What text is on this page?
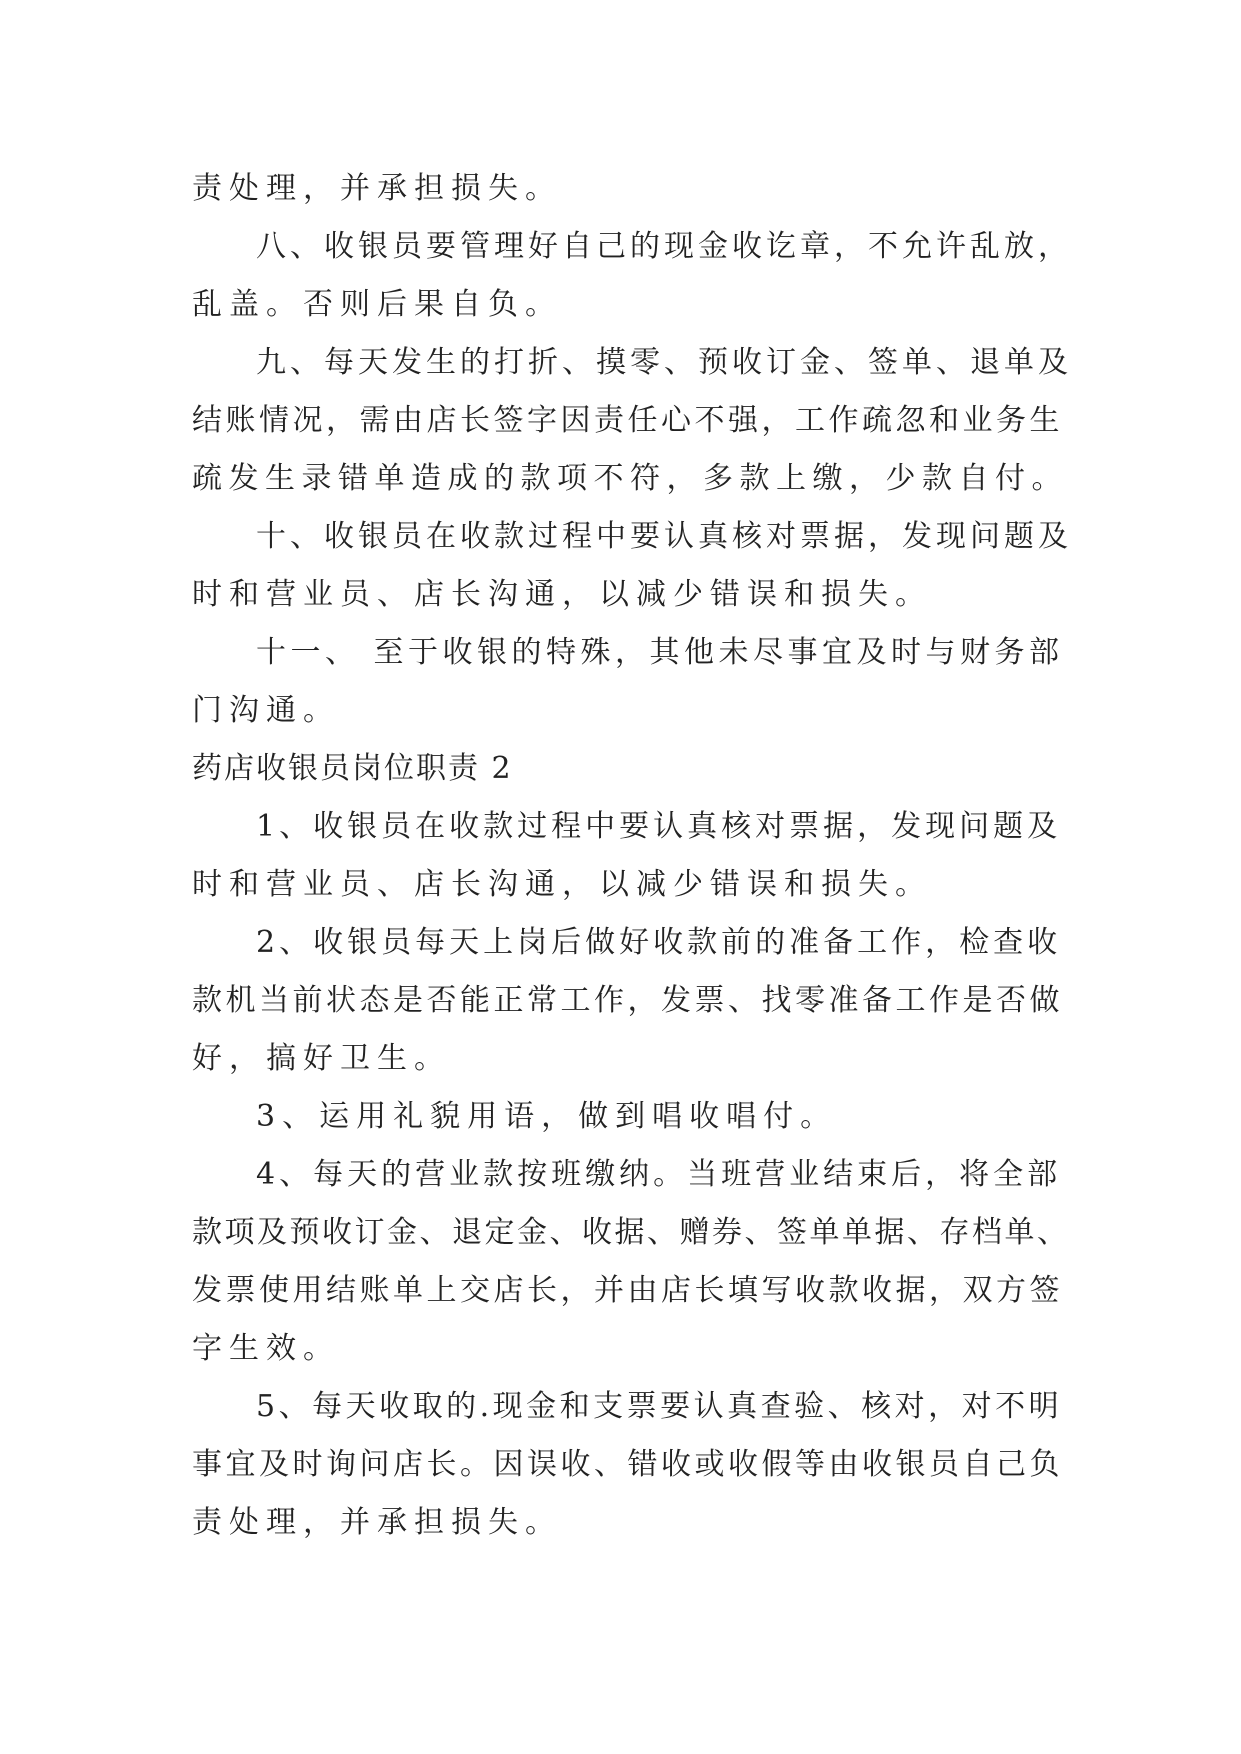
责处理，并承担损失。
八、收银员要管理好自己的现金收讫章，不允许乱放，
乱盖。否则后果自负。
九、每天发生的打折、摸零、预收订金、签单、退单及
结账情况，需由店长签字因责任心不强，工作疏忽和业务生
疏发生录错单造成的款项不符，多款上缴，少款自付。
十、收银员在收款过程中要认真核对票据，发现问题及
时和营业员、店长沟通，以减少错误和损失。
十一、 至于收银的特殊，其他未尽事宜及时与财务部
门沟通。
药店收银员岗位职责 2
1、收银员在收款过程中要认真核对票据，发现问题及
时和营业员、店长沟通，以减少错误和损失。
2、收银员每天上岗后做好收款前的准备工作，检查收
款机当前状态是否能正常工作，发票、找零准备工作是否做
好，搞好卫生。
3、运用礼貌用语，做到唱收唱付。
4、每天的营业款按班缴纳。当班营业结束后，将全部
款项及预收订金、退定金、收据、赠券、签单单据、存档单、
发票使用结账单上交店长，并由店长填写收款收据，双方签
字生效。
5、每天收取的.现金和支票要认真查验、核对，对不明
事宜及时询问店长。因误收、错收或收假等由收银员自己负
责处理，并承担损失。
